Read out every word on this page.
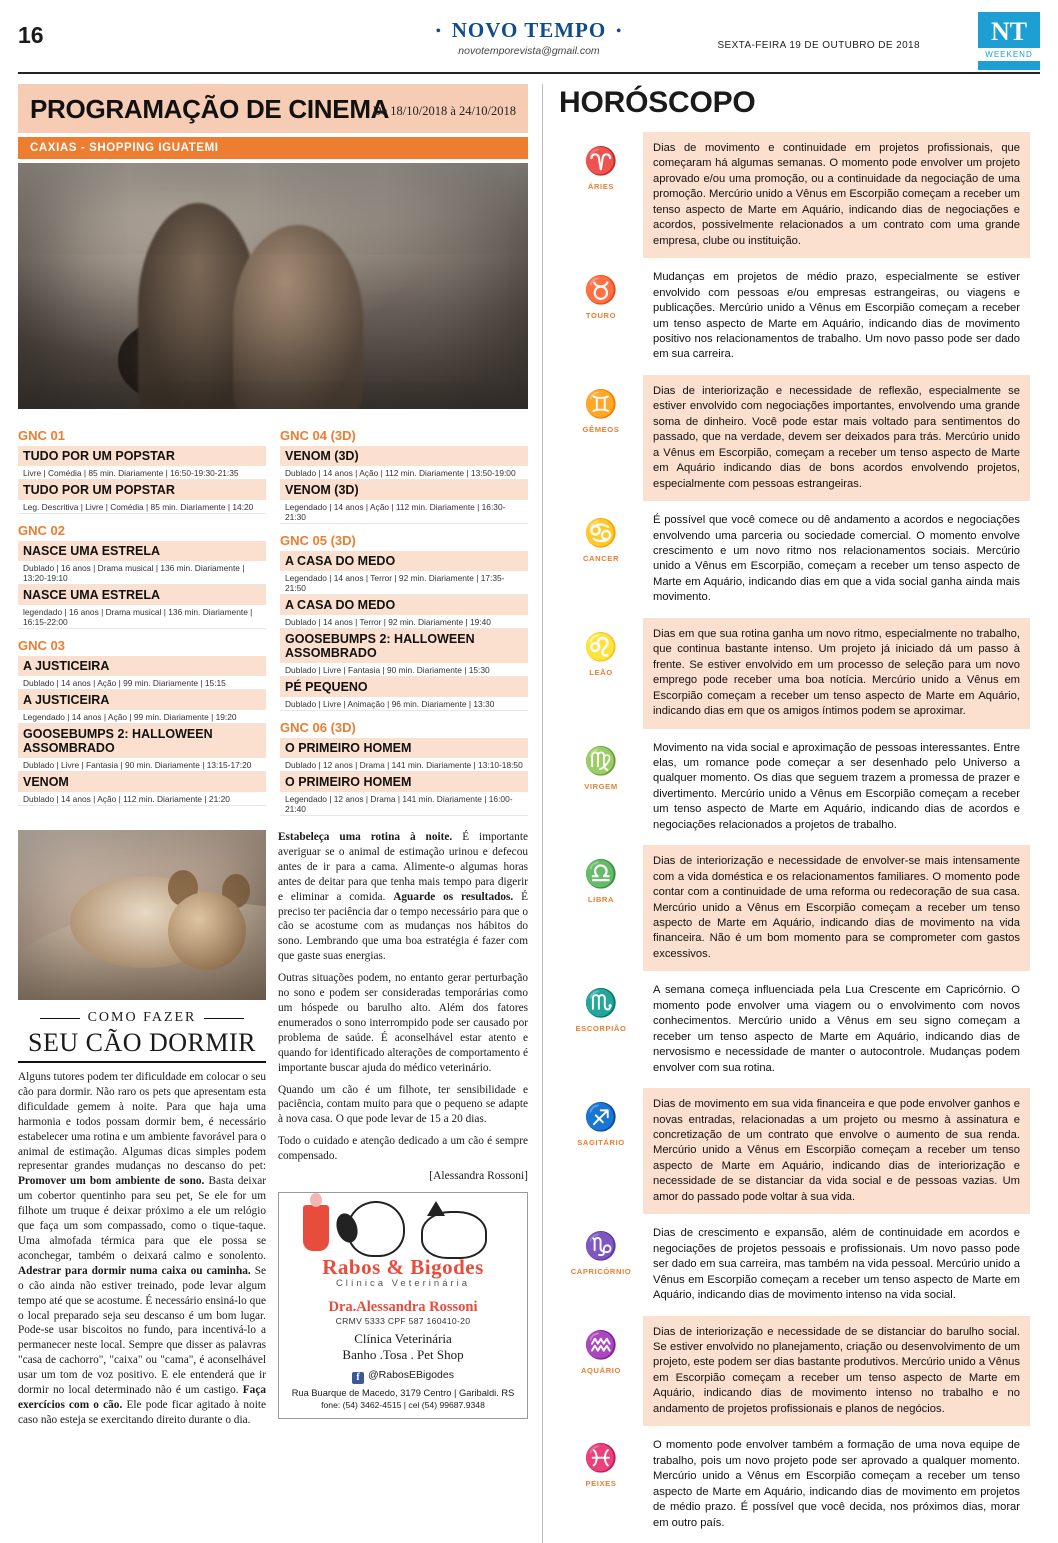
16	• NOVO TEMPO •
novotemporevista@gmail.com	SEXTA-FEIRA 19 DE OUTUBRO DE 2018	NT
WEEKEND
PROGRAMAÇÃO DE CINEMA
De 18/10/2018 à 24/10/2018
CAXIAS - SHOPPING IGUATEMI
GNC 01
TUDO POR UM POPSTAR
Livre | Comédia | 85 min. Diariamente | 16:50-19:30-21:35
TUDO POR UM POPSTAR
Leg. Descritiva | Livre | Comédia | 85 min. Diariamente | 14:20
GNC 02
NASCE UMA ESTRELA
Dublado | 16 anos | Drama musical | 136 min. Diariamente | 13:20-19:10
NASCE UMA ESTRELA
legendado | 16 anos | Drama musical | 136 min. Diariamente | 16:15-22:00
GNC 03
A JUSTICEIRA
Dublado | 14 anos | Ação | 99 min. Diariamente | 15:15
A JUSTICEIRA
Legendado | 14 anos | Ação | 99 min. Diariamente | 19:20
GOOSEBUMPS 2: HALLOWEEN ASSOMBRADO
Dublado | Livre | Fantasia | 90 min. Diariamente | 13:15-17:20
VENOM
Dublado | 14 anos | Ação | 112 min. Diariamente | 21:20
GNC 04 (3D)
VENOM (3D)
Dublado | 14 anos | Ação | 112 min. Diariamente | 13:50-19:00
VENOM (3D)
Legendado | 14 anos | Ação | 112 min. Diariamente | 16:30-21:30
GNC 05 (3D)
A CASA DO MEDO
Legendado | 14 anos | Terror | 92 min. Diariamente | 17:35-21:50
A CASA DO MEDO
Dublado | 14 anos | Terror | 92 min. Diariamente | 19:40
GOOSEBUMPS 2: HALLOWEEN ASSOMBRADO
Dublado | Livre | Fantasia | 90 min. Diariamente | 15:30
PÉ PEQUENO
Dublado | Livre | Animação | 96 min. Diariamente | 13:30
GNC 06 (3D)
O PRIMEIRO HOMEM
Dublado | 12 anos | Drama | 141 min. Diariamente | 13:10-18:50
O PRIMEIRO HOMEM
Legendado | 12 anos | Drama | 141 min. Diariamente | 16:00-21:40
COMO FAZER
SEU CÃO DORMIR
Alguns tutores podem ter dificuldade em colocar o seu cão para dormir. Não raro os pets que apresentam esta dificuldade gemem à noite. Para que haja uma harmonia e todos possam dormir bem, é necessário estabelecer uma rotina e um ambiente favorável para o animal de estimação. Algumas dicas simples podem representar grandes mudanças no descanso do pet: Promover um bom ambiente de sono. Basta deixar um cobertor quentinho para seu pet, Se ele for um filhote um truque é deixar próximo a ele um relógio que faça um som compassado, como o tique-taque. Uma almofada térmica para que ele possa se aconchegar, também o deixará calmo e sonolento. Adestrar para dormir numa caixa ou caminha. Se o cão ainda não estiver treinado, pode levar algum tempo até que se acostume. É necessário ensiná-lo que o local preparado seja seu descanso é um bom lugar. Pode-se usar biscoitos no fundo, para incentivá-lo a permanecer neste local. Sempre que disser as palavras "casa de cachorro", "caixa" ou "cama", é aconselhável usar um tom de voz positivo. E ele entenderá que ir dormir no local determinado não é um castigo. Faça exercícios com o cão. Ele pode ficar agitado à noite caso não esteja se exercitando direito durante o dia.
Estabeleça uma rotina à noite. É importante averiguar se o animal de estimação urinou e defecou antes de ir para a cama. Alimente-o algumas horas antes de deitar para que tenha mais tempo para digerir e eliminar a comida. Aguarde os resultados. É preciso ter paciência dar o tempo necessário para que o cão se acostume com as mudanças nos hábitos do sono. Lembrando que uma boa estratégia é fazer com que gaste suas energias.
Outras situações podem, no entanto gerar perturbação no sono e podem ser consideradas temporárias como um hóspede ou barulho alto. Além dos fatores enumerados o sono interrompido pode ser causado por problema de saúde. É aconselhável estar atento e quando for identificado alterações de comportamento é importante buscar ajuda do médico veterinário.
Quando um cão é um filhote, ter sensibilidade e paciência, contam muito para que o pequeno se adapte à nova casa. O que pode levar de 15 a 20 dias.
Todo o cuidado e atenção dedicado a um cão é sempre compensado.
[Alessandra Rossoni]
Rabos & Bigodes
Clínica Veterinária
Dra.Alessandra Rossoni
CRMV 5333 CPF 587 160410-20
Clínica Veterinária
Banho .Tosa . Pet Shop
f @RabosEBigodes
Rua Buarque de Macedo, 3179 Centro | Garibaldi. RS
fone: (54) 3462-4515 | cel (54) 99687.9348
HORÓSCOPO
♈
ÁRIES
Dias de movimento e continuidade em projetos profissionais, que começaram há algumas semanas. O momento pode envolver um projeto aprovado e/ou uma promoção, ou a continuidade da negociação de uma promoção. Mercúrio unido a Vênus em Escorpião começam a receber um tenso aspecto de Marte em Aquário, indicando dias de negociações e acordos, possivelmente relacionados a um contrato com uma grande empresa, clube ou instituição.
♉
TOURO
Mudanças em projetos de médio prazo, especialmente se estiver envolvido com pessoas e/ou empresas estrangeiras, ou viagens e publicações. Mercúrio unido a Vênus em Escorpião começam a receber um tenso aspecto de Marte em Aquário, indicando dias de movimento positivo nos relacionamentos de trabalho. Um novo passo pode ser dado em sua carreira.
♊
GÊMEOS
Dias de interiorização e necessidade de reflexão, especialmente se estiver envolvido com negociações importantes, envolvendo uma grande soma de dinheiro. Você pode estar mais voltado para sentimentos do passado, que na verdade, devem ser deixados para trás. Mercúrio unido a Vênus em Escorpião, começam a receber um tenso aspecto de Marte em Aquário indicando dias de bons acordos envolvendo projetos, especialmente com pessoas estrangeiras.
♋
CANCER
É possível que você comece ou dê andamento a acordos e negociações envolvendo uma parceria ou sociedade comercial. O momento envolve crescimento e um novo ritmo nos relacionamentos sociais. Mercúrio unido a Vênus em Escorpião, começam a receber um tenso aspecto de Marte em Aquário, indicando dias em que a vida social ganha ainda mais movimento.
♌
LEÃO
Dias em que sua rotina ganha um novo ritmo, especialmente no trabalho, que continua bastante intenso. Um projeto já iniciado dá um passo à frente. Se estiver envolvido em um processo de seleção para um novo emprego pode receber uma boa notícia. Mercúrio unido a Vênus em Escorpião começam a receber um tenso aspecto de Marte em Aquário, indicando dias em que os amigos íntimos podem se aproximar.
♍
VIRGEM
Movimento na vida social e aproximação de pessoas interessantes. Entre elas, um romance pode começar a ser desenhado pelo Universo a qualquer momento. Os dias que seguem trazem a promessa de prazer e divertimento. Mercúrio unido a Vênus em Escorpião começam a receber um tenso aspecto de Marte em Aquário, indicando dias de acordos e negociações relacionados a projetos de trabalho.
♎
LIBRA
Dias de interiorização e necessidade de envolver-se mais intensamente com a vida doméstica e os relacionamentos familiares. O momento pode contar com a continuidade de uma reforma ou redecoração de sua casa. Mercúrio unido a Vênus em Escorpião começam a receber um tenso aspecto de Marte em Aquário, indicando dias de movimento na vida financeira. Não é um bom momento para se comprometer com gastos excessivos.
♏
ESCORPIÃO
A semana começa influenciada pela Lua Crescente em Capricórnio. O momento pode envolver uma viagem ou o envolvimento com novos conhecimentos. Mercúrio unido a Vênus em seu signo começam a receber um tenso aspecto de Marte em Aquário, indicando dias de nervosismo e necessidade de manter o autocontrole. Mudanças podem envolver com sua rotina.
♐
SAGITÁRIO
Dias de movimento em sua vida financeira e que pode envolver ganhos e novas entradas, relacionadas a um projeto ou mesmo à assinatura e concretização de um contrato que envolve o aumento de sua renda. Mercúrio unido a Vênus em Escorpião começam a receber um tenso aspecto de Marte em Aquário, indicando dias de interiorização e necessidade de se distanciar da vida social e de pessoas vazias. Um amor do passado pode voltar à sua vida.
♑
CAPRICÓRNIO
Dias de crescimento e expansão, além de continuidade em acordos e negociações de projetos pessoais e profissionais. Um novo passo pode ser dado em sua carreira, mas também na vida pessoal. Mercúrio unido a Vênus em Escorpião começam a receber um tenso aspecto de Marte em Aquário, indicando dias de movimento intenso na vida social.
♒
AQUÁRIO
Dias de interiorização e necessidade de se distanciar do barulho social. Se estiver envolvido no planejamento, criação ou desenvolvimento de um projeto, este podem ser dias bastante produtivos. Mercúrio unido a Vênus em Escorpião começam a receber um tenso aspecto de Marte em Aquário, indicando dias de movimento intenso no trabalho e no andamento de projetos profissionais e planos de negócios.
♓
PEIXES
O momento pode envolver também a formação de uma nova equipe de trabalho, pois um novo projeto pode ser aprovado a qualquer momento. Mercúrio unido a Vênus em Escorpião começam a receber um tenso aspecto de Marte em Aquário, indicando dias de movimento em projetos de médio prazo. É possível que você decida, nos próximos dias, morar em outro país.
